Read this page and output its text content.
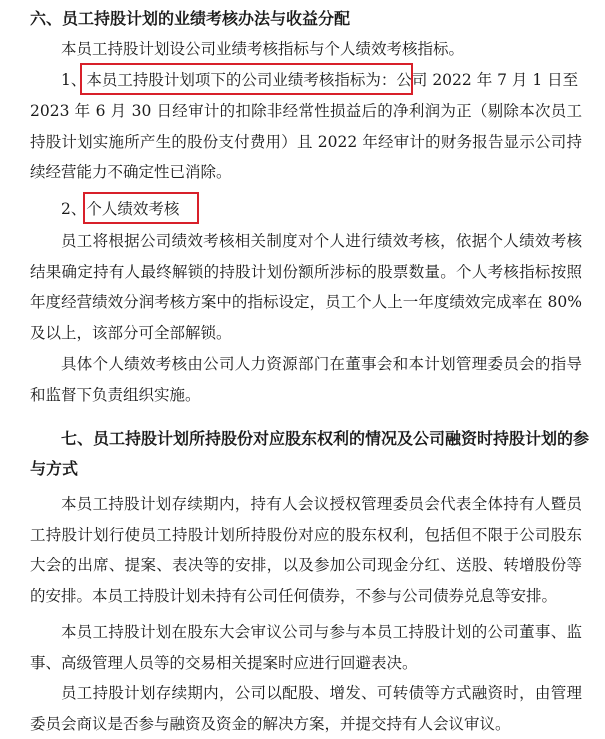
六、员工持股计划的业绩考核办法与收益分配

本员工持股计划设公司业绩考核指标与个人绩效考核指标。

1、本员工持股计划项下的公司业绩考核指标为：公司 2022 年 7 月 1 日至

2023 年 6 月 30 日经审计的扣除非经常性损益后的净利润为正（剔除本次员工持股计划实施所产生的股份支付费用）且 2022 年经审计的财务报告显示公司持续经营能力不确定性已消除。

2、个人绩效考核

员工将根据公司绩效考核相关制度对个人进行绩效考核，依据个人绩效考核结果确定持有人最终解锁的持股计划份额所涉标的股票数量。个人考核指标按照年度经营绩效分润考核方案中的指标设定，员工个人上一年度绩效完成率在 80%及以上，该部分可全部解锁。

具体个人绩效考核由公司人力资源部门在董事会和本计划管理委员会的指导和监督下负责组织实施。

七、员工持股计划所持股份对应股东权利的情况及公司融资时持股计划的参与方式

本员工持股计划存续期内，持有人会议授权管理委员会代表全体持有人暨员工持股计划行使员工持股计划所持股份对应的股东权利，包括但不限于公司股东大会的出席、提案、表决等的安排，以及参加公司现金分红、送股、转增股份等的安排。本员工持股计划未持有公司任何债券，不参与公司债券兑息等安排。

本员工持股计划在股东大会审议公司与参与本员工持股计划的公司董事、监事、高级管理人员等的交易相关提案时应进行回避表决。

员工持股计划存续期内，公司以配股、增发、可转债等方式融资时，由管理委员会商议是否参与融资及资金的解决方案，并提交持有人会议审议。
